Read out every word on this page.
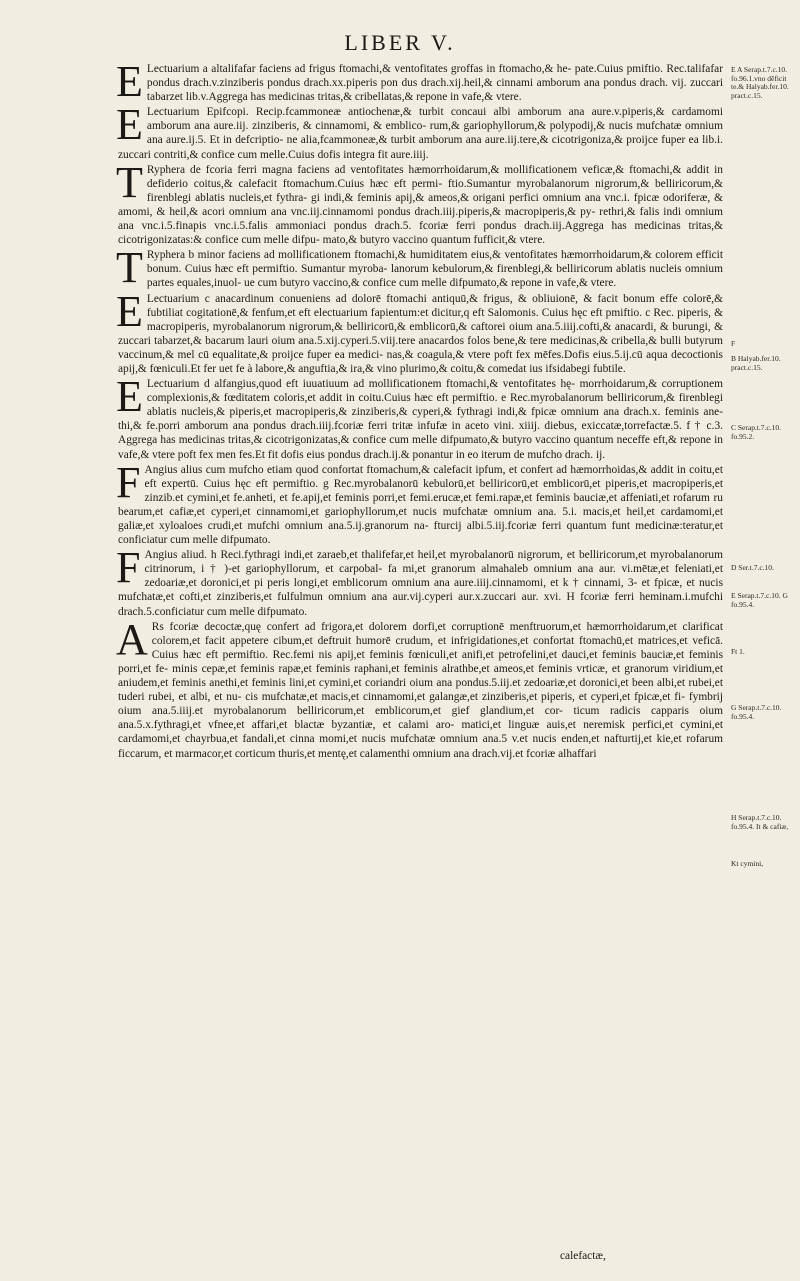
LIBER V.

E Lectuarium a altalifafar faciens ad frigus ftomachi,& ventofitates groffas in ftomacho,& he- pate.Cuius pmiftio. Rec.talifafar pondus drach.v.zinziberis pondus drach.xx.piperis pon dus drach.xij.heil,& cinnami amborum ana pondus drach. vij. zuccari tabarzet lib.v.Aggrega has medicinas tritas,& cribellatas,& repone in vafe,& vtere.

E Lectuarium Epifcopi. Recip.fcammoneæ antiochenæ,& turbit concaui albi amborum ana aure.v.piperis,& cardamomi amborum ana aure.iij. zinziberis, & cinnamomi, & emblico- rum,& gariophyllorum,& polypodij,& nucis mufchatæ omnium ana aure.ij.5. Et in defcriptio- ne alia,fcammoneæ,& turbit amborum ana aure.iij.tere,& cicotrigoniza,& proijce fuper ea lib.i. zuccari contriti,& confice cum melle.Cuius dofis integra fit aure.iiij.

T Ryphera de fcoria ferri magna faciens ad ventofitates hæmorrhoidarum,& mollificationem veficæ,& ftomachi,& addit in defiderio coitus,& calefacit ftomachum.Cuius hæc eft permi- ftio.Sumantur myrobalanorum nigrorum,& belliricorum,& firenblegi ablatis nucleis,et fythra- gi indi,& feminis apij,& ameos,& origani perfici omnium ana vnc.i. fpicæ odoriferæ, & amomi, & heil,& acori omnium ana vnc.iij.cinnamomi pondus drach.iiij.piperis,& macropiperis,& py- rethri,& falis indi omnium ana vnc.i.5.finapis vnc.i.5.falis ammoniaci pondus drach.5. fcoriæ ferri pondus drach.iij.Aggrega has medicinas tritas,& cicotrigonizatas:& confice cum melle difpu- mato,& butyro vaccino quantum fufficit,& vtere.

T Ryphera b minor faciens ad mollificationem ftomachi,& humiditatem eius,& ventofitates hæmorrhoidarum,& colorem efficit bonum. Cuius hæc eft permiftio. Sumantur myroba- lanorum kebulorum,& firenblegi,& belliricorum ablatis nucleis omnium partes equales,inuol- ue cum butyro vaccino,& confice cum melle difpumato,& repone in vafe,& vtere.

E Lectuarium c anacardinum conueniens ad dolorē ftomachi antiquū,& frigus, & obliuionē, & facit bonum effe colorē,& fubtiliat cogitationē,& fenfum,et eft electuarium fapientum:et dicitur,q eft Salomonis. Cuius hęc eft pmiftio. c Rec. piperis, & macropiperis, myrobalanorum nigrorum,& belliricorū,& emblicorū,& caftorei oium ana.5.iiij.cofti,& anacardi, & burungi, & zuccari tabarzet,& bacarum lauri oium ana.5.xij.cyperi.5.viij.tere anacardos folos bene,& tere medicinas,& cribella,& bulli butyrum vaccinum,& mel cū equalitate,& proijce fuper ea medici- nas,& coagula,& vtere poft fex mēfes.Dofis eius.5.ij.cū aqua decoctionis apij,& fœniculi.Et fer uet fe à labore,& anguftia,& ira,& vino plurimo,& coitu,& comedat ius ifsidabegi fubtile.

E Lectuarium d alfangius,quod eft iuuatiuum ad mollificationem ftomachi,& ventofitates hę- morrhoidarum,& corruptionem complexionis,& fœditatem coloris,et addit in coitu.Cuius hæc eft permiftio. e Rec.myrobalanorum belliricorum,& firenblegi ablatis nucleis,& piperis,et macropiperis,& zinziberis,& cyperi,& fythragi indi,& fpicæ omnium ana drach.x. feminis ane- thi,& fe.porri amborum ana pondus drach.iiij.fcoriæ ferri tritæ infufæ in aceto vini. xiiij. diebus, exiccatæ,torrefactæ.5. f † c.3. Aggrega has medicinas tritas,& cicotrigonizatas,& confice cum melle difpumato,& butyro vaccino quantum neceffe eft,& repone in vafe,& vtere poft fex men fes.Et fit dofis eius pondus drach.ij.& ponantur in eo iterum de mufcho drach. ij.

F Angius alius cum mufcho etiam quod confortat ftomachum,& calefacit ipfum, et confert ad hæmorrhoidas,& addit in coitu,et eft expertū. Cuius hęc eft permiftio. g Rec.myrobalanorū kebulorū,et belliricorū,et emblicorū,et piperis,et macropiperis,et zinzib.et cymini,et fe.anheti, et fe.apij,et feminis porri,et femi.erucæ,et femi.rapæ,et feminis bauciæ,et affeniati,et rofarum ru bearum,et cafiæ,et cyperi,et cinnamomi,et gariophyllorum,et nucis mufchatæ omnium ana. 5.i. macis,et heil,et cardamomi,et galiæ,et xyloaloes crudi,et mufchi omnium ana.5.ij.granorum na- fturcij albi.5.iij.fcoriæ ferri quantum funt medicinæ:teratur,et conficiatur cum melle difpumato.

F Angius aliud. h Reci.fythragi indi,et zaraeb,et thalifefar,et heil,et myrobalanorū nigrorum, et belliricorum,et myrobalanorum citrinorum, i † )-et gariophyllorum, et carpobal- fa mi,et granorum almahaleb omnium ana aur. vi.mētæ,et feleniati,et zedoariæ,et doronici,et pi peris longi,et emblicorum omnium ana aure.iiij.cinnamomi, et k † cinnami, 3- et fpicæ, et nucis mufchatæ,et cofti,et zinziberis,et fulfulmun omnium ana aur.vij.cyperi aur.x.zuccari aur. xvi. H fcoriæ ferri heminam.i.mufchi drach.5.conficiatur cum melle difpumato.

A Rs fcoriæ decoctæ,quę confert ad frigora,et dolorem dorfi,et corruptionē menftruorum,et hæmorrhoidarum,et clarificat colorem,et facit appetere cibum,et deftruit humorē crudum, et infrigidationes,et confortat ftomachū,et matrices,et veficā. Cuius hæc eft permiftio. Rec.femi nis apij,et feminis fœniculi,et anifi,et petrofelini,et dauci,et feminis bauciæ,et feminis porri,et fe- minis cepæ,et feminis rapæ,et feminis raphani,et feminis alrathbe,et ameos,et feminis vrticæ, et granorum viridium,et aniudem,et feminis anethi,et feminis lini,et cymini,et coriandri oium ana pondus.5.iij.et zedoariæ,et doronici,et been albi,et rubei,et tuderi rubei, et albi, et nu- cis mufchatæ,et macis,et cinnamomi,et galangæ,et zinziberis,et piperis, et cyperi,et fpicæ,et fi- fymbrij oium ana.5.iiij.et myrobalanorum belliricorum,et emblicorum,et gief glandium,et cor- ticum radicis capparis oium ana.5.x.fythragi,et vfnee,et affari,et blactæ byzantiæ, et calami aro- matici,et linguæ auis,et neremisk perfici,et cymini,et cardamomi,et chayrbua,et fandali,et cinna momi,et nucis mufchatæ omnium ana.5 v.et nucis enden,et nafturtij,et kie,et rofarum ficcarum, et marmacor,et corticum thuris,et mentę,et calamenthi omnium ana drach.vij.et fcoriæ alhaffari

calefactæ,
E A Serap.t.7.c.10. fo.96.1.vno dēficit te.& Halyab.fer.10. pract.c.15.
F
B Halyab.fer.10. pract.c.15.
C Serap.t.7.c.10. fo.95.2.
D Ser.t.7.c.10.
E Serap.t.7.c.10. G fo.95.4.
Ft 1.
G Serap.t.7.c.10. fo.95.4.
H Serap.t.7.c.10. fo.95.4. It & cafiæ,
Kt cymini,
